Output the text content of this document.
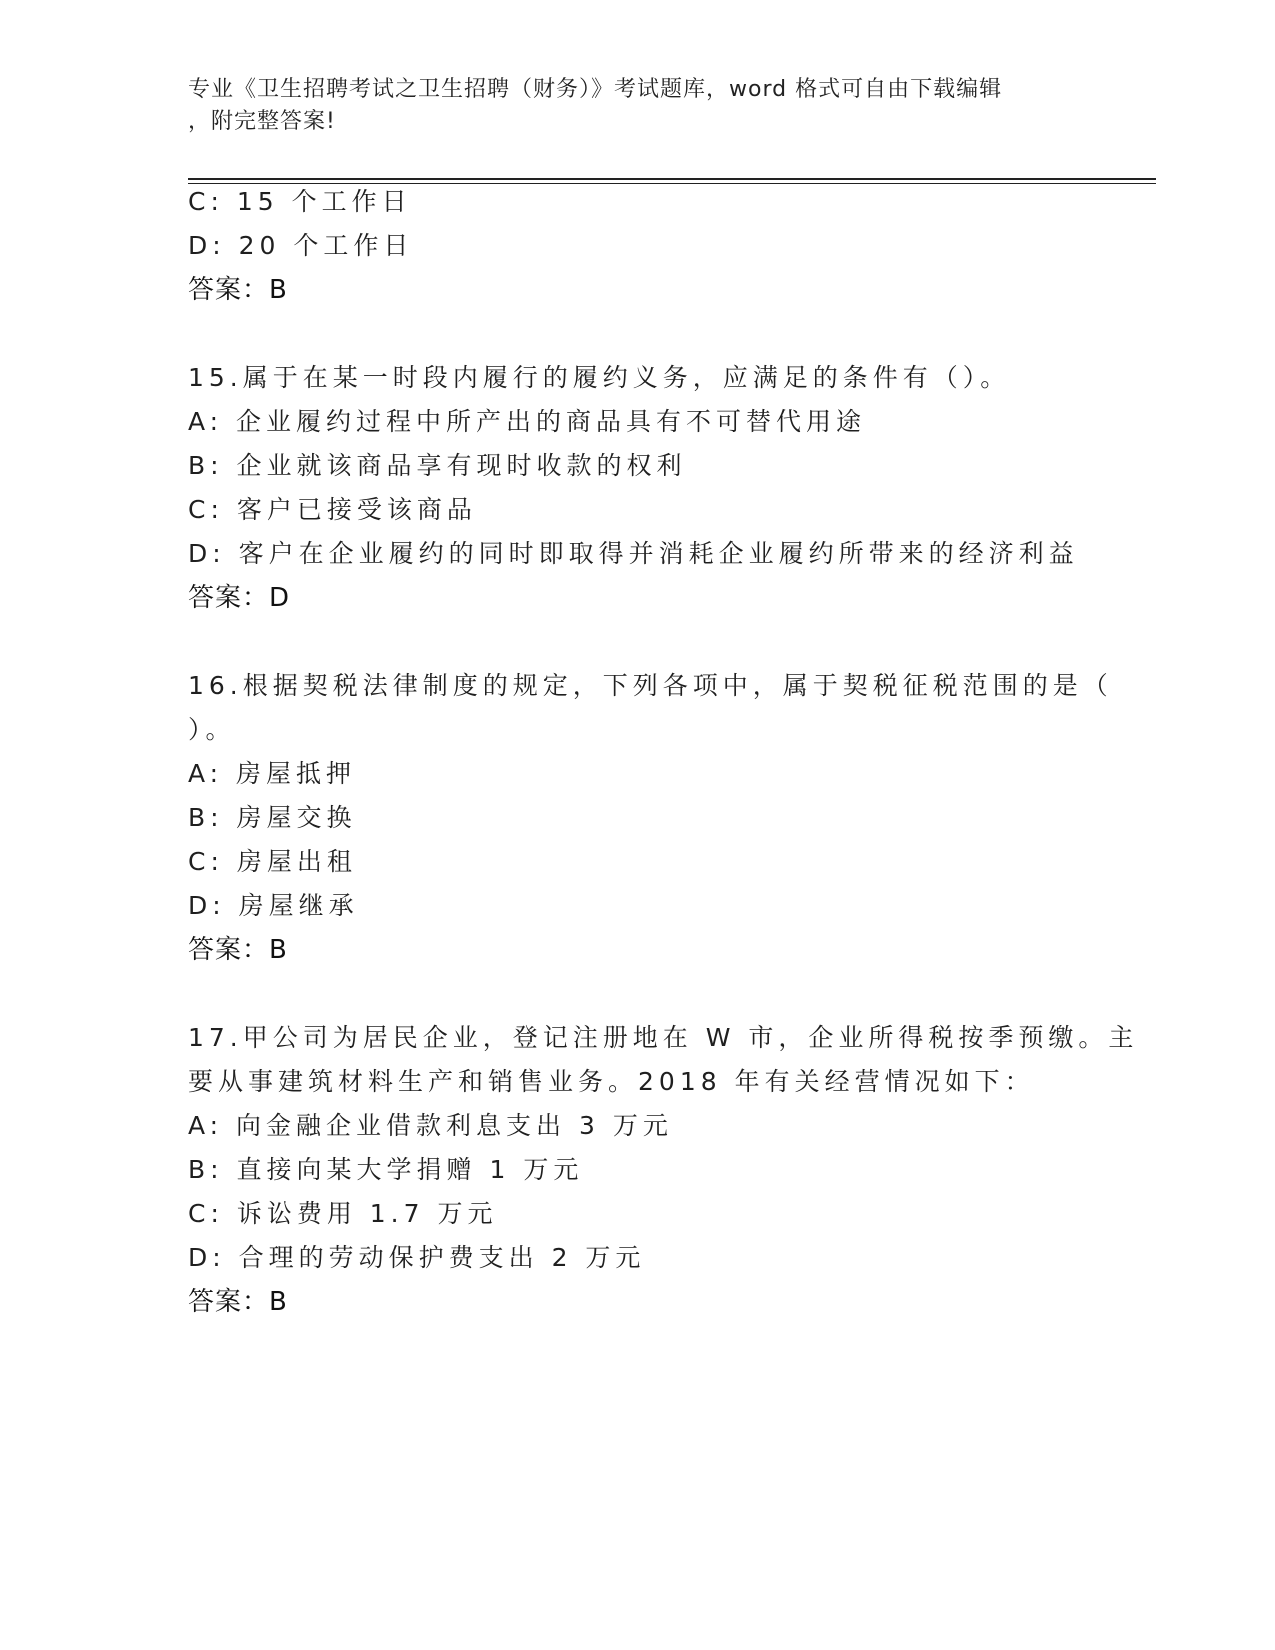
专业《卫生招聘考试之卫生招聘（财务）》考试题库，word 格式可自由下载编辑
，附完整答案!
C: 15 个工作日
D: 20 个工作日
答案：B
15.属于在某一时段内履行的履约义务，应满足的条件有（）。
A: 企业履约过程中所产出的商品具有不可替代用途
B: 企业就该商品享有现时收款的权利
C: 客户已接受该商品
D: 客户在企业履约的同时即取得并消耗企业履约所带来的经济利益
答案：D
16.根据契税法律制度的规定，下列各项中，属于契税征税范围的是（
）。
A: 房屋抵押
B: 房屋交换
C: 房屋出租
D: 房屋继承
答案：B
17.甲公司为居民企业，登记注册地在 W 市，企业所得税按季预缴。主
要从事建筑材料生产和销售业务。2018 年有关经营情况如下：
A: 向金融企业借款利息支出 3 万元
B: 直接向某大学捐赠 1 万元
C: 诉讼费用 1.7 万元
D: 合理的劳动保护费支出 2 万元
答案：B
